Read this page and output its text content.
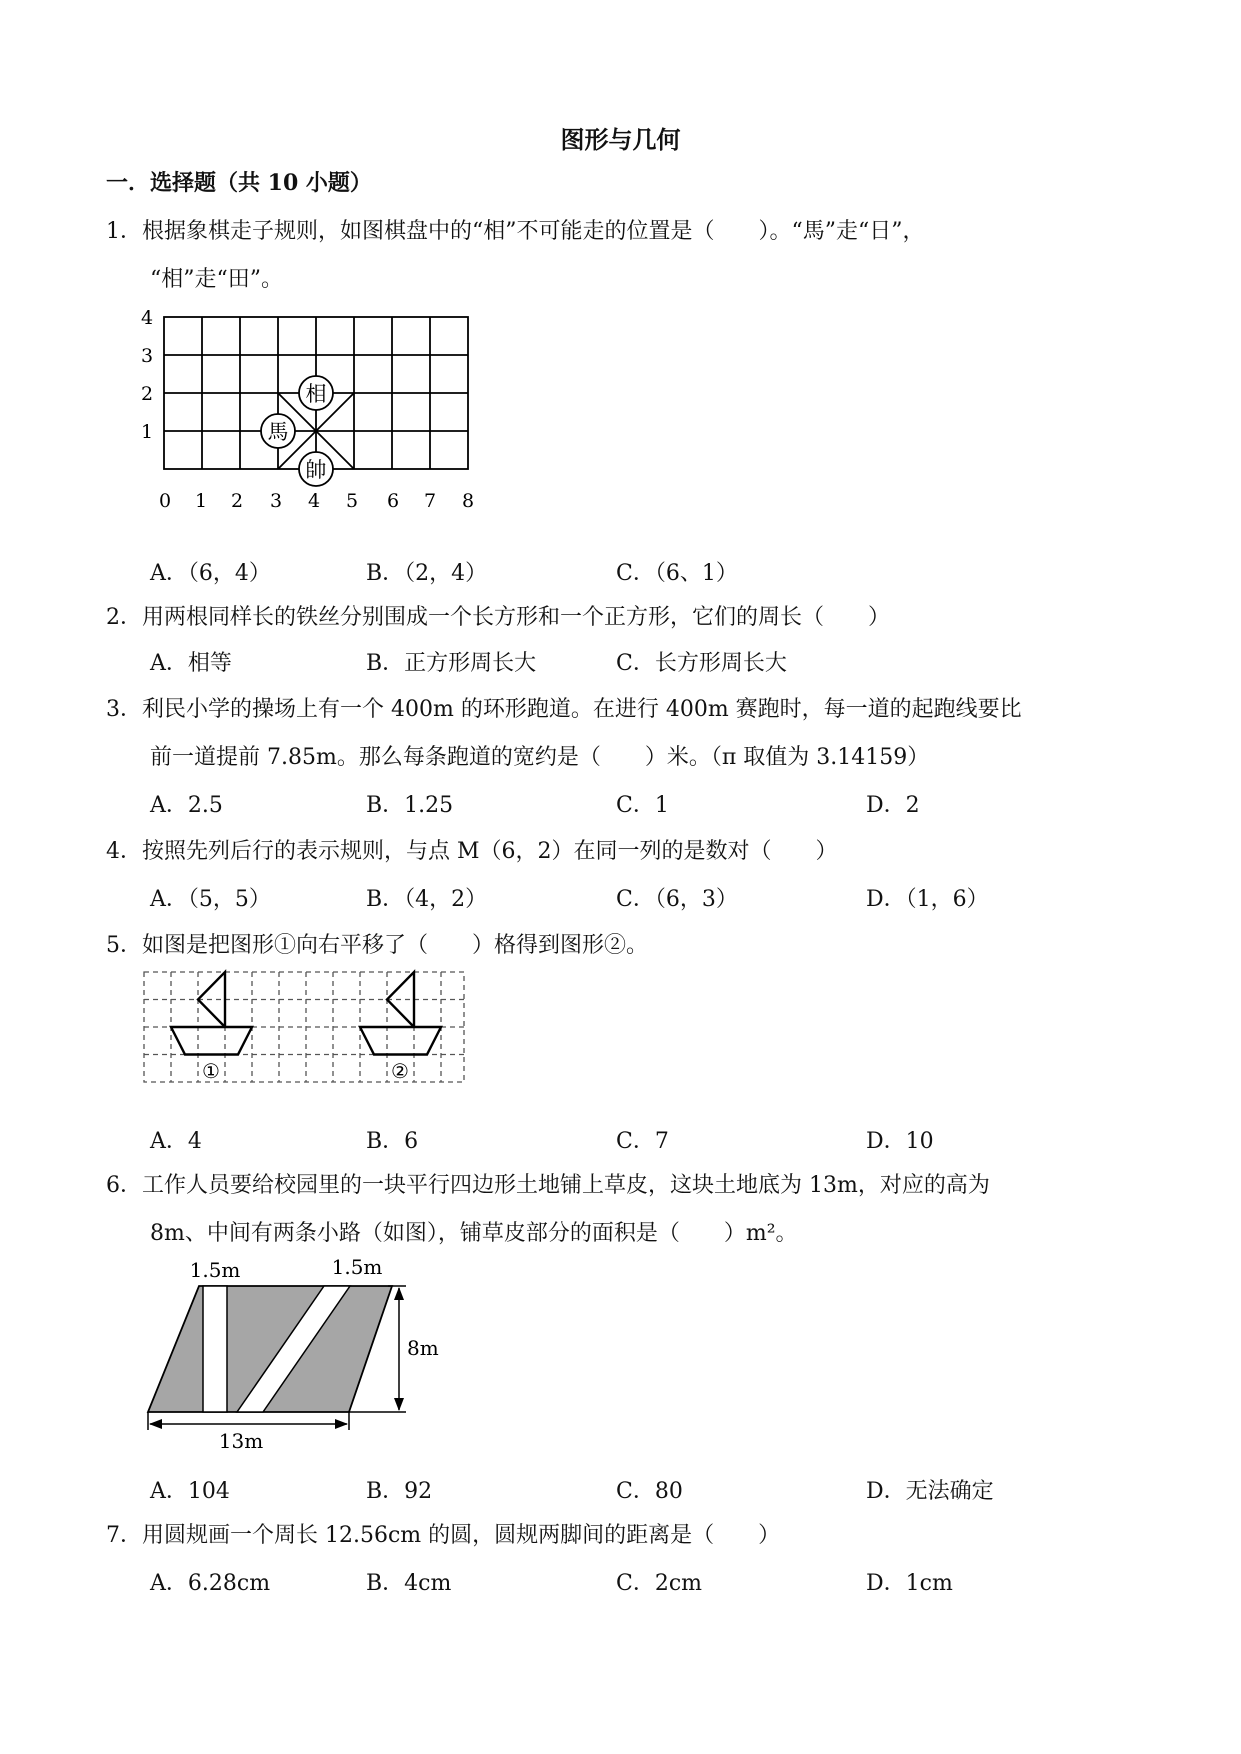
图形与几何
一．选择题（共 10 小题）
1．根据象棋走子规则，如图棋盘中的“相”不可能走的位置是（　　）。“馬”走“日”，
“相”走“田”。
相
馬
帥
4
3
2
1
0 1 2 3 4 5 6 7 8
A．（6，4）	B．（2，4）	C．（6、1）
2．用两根同样长的铁丝分别围成一个长方形和一个正方形，它们的周长（　　）
A．相等	B．正方形周长大	C．长方形周长大
3．利民小学的操场上有一个 400m 的环形跑道。在进行 400m 赛跑时，每一道的起跑线要比
前一道提前 7.85m。那么每条跑道的宽约是（　　）米。（π 取值为 3.14159）
A．2.5	B．1.25	C．1	D．2
4．按照先列后行的表示规则，与点 M（6，2）在同一列的是数对（　　）
A．（5，5）	B．（4，2）	C．（6，3）	D．（1，6）
5．如图是把图形①向右平移了（　　）格得到图形②。
①	②
A．4	B．6	C．7	D．10
6．工作人员要给校园里的一块平行四边形土地铺上草皮，这块土地底为 13m，对应的高为
8m、中间有两条小路（如图），铺草皮部分的面积是（　　）m²。
1.5m	1.5m
8m
13m
A．104	B．92	C．80	D．无法确定
7．用圆规画一个周长 12.56cm 的圆，圆规两脚间的距离是（　　）
A．6.28cm	B．4cm	C．2cm	D．1cm
